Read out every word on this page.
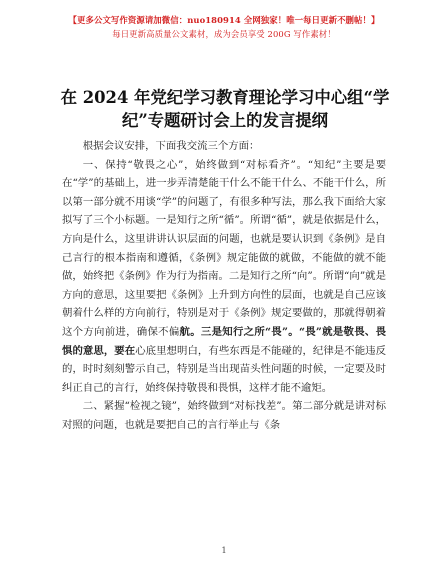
【更多公文写作资源请加微信：nuo180914 全网独家！唯一每日更新不删帖！】
每日更新高质量公文素材，成为会员享受 200G 写作素材！
在 2024 年党纪学习教育理论学习中心组“学纪”专题研讨会上的发言提纲

根据会议安排，下面我交流三个方面：

一、保持“敬畏之心”，始终做到“对标看齐”。“知纪”主要是要在“学”的基础上，进一步弄清楚能干什么不能干什么、不能干什么，所以第一部分就不用谈“学”的问题了，有很多种写法，那么我下面给大家拟写了三个小标题。一是知行之所“循”。所谓“循”，就是依据是什么，方向是什么，这里讲讲认识层面的问题，也就是要认识到《条例》是自己言行的根本指南和遵循，《条例》规定能做的就做，不能做的就不能做，始终把《条例》作为行为指南。二是知行之所“向”。所谓“向”就是方向的意思，这里要把《条例》上升到方向性的层面，也就是自己应该朝着什么样的方向前行，特别是对于《条例》规定要做的，那就得朝着这个方向前进，确保不偏航。三是知行之所“畏”。“畏”就是敬畏、畏惧的意思，要在心底里想明白，有些东西是不能碰的，纪律是不能违反的，时时刻刻警示自己，特别是当出现苗头性问题的时候，一定要及时纠正自己的言行，始终保持敬畏和畏惧，这样才能不逾矩。

二、紧握“检视之镜”，始终做到“对标找差”。第二部分就是讲对标对照的问题，也就是要把自己的言行举止与《条

1
